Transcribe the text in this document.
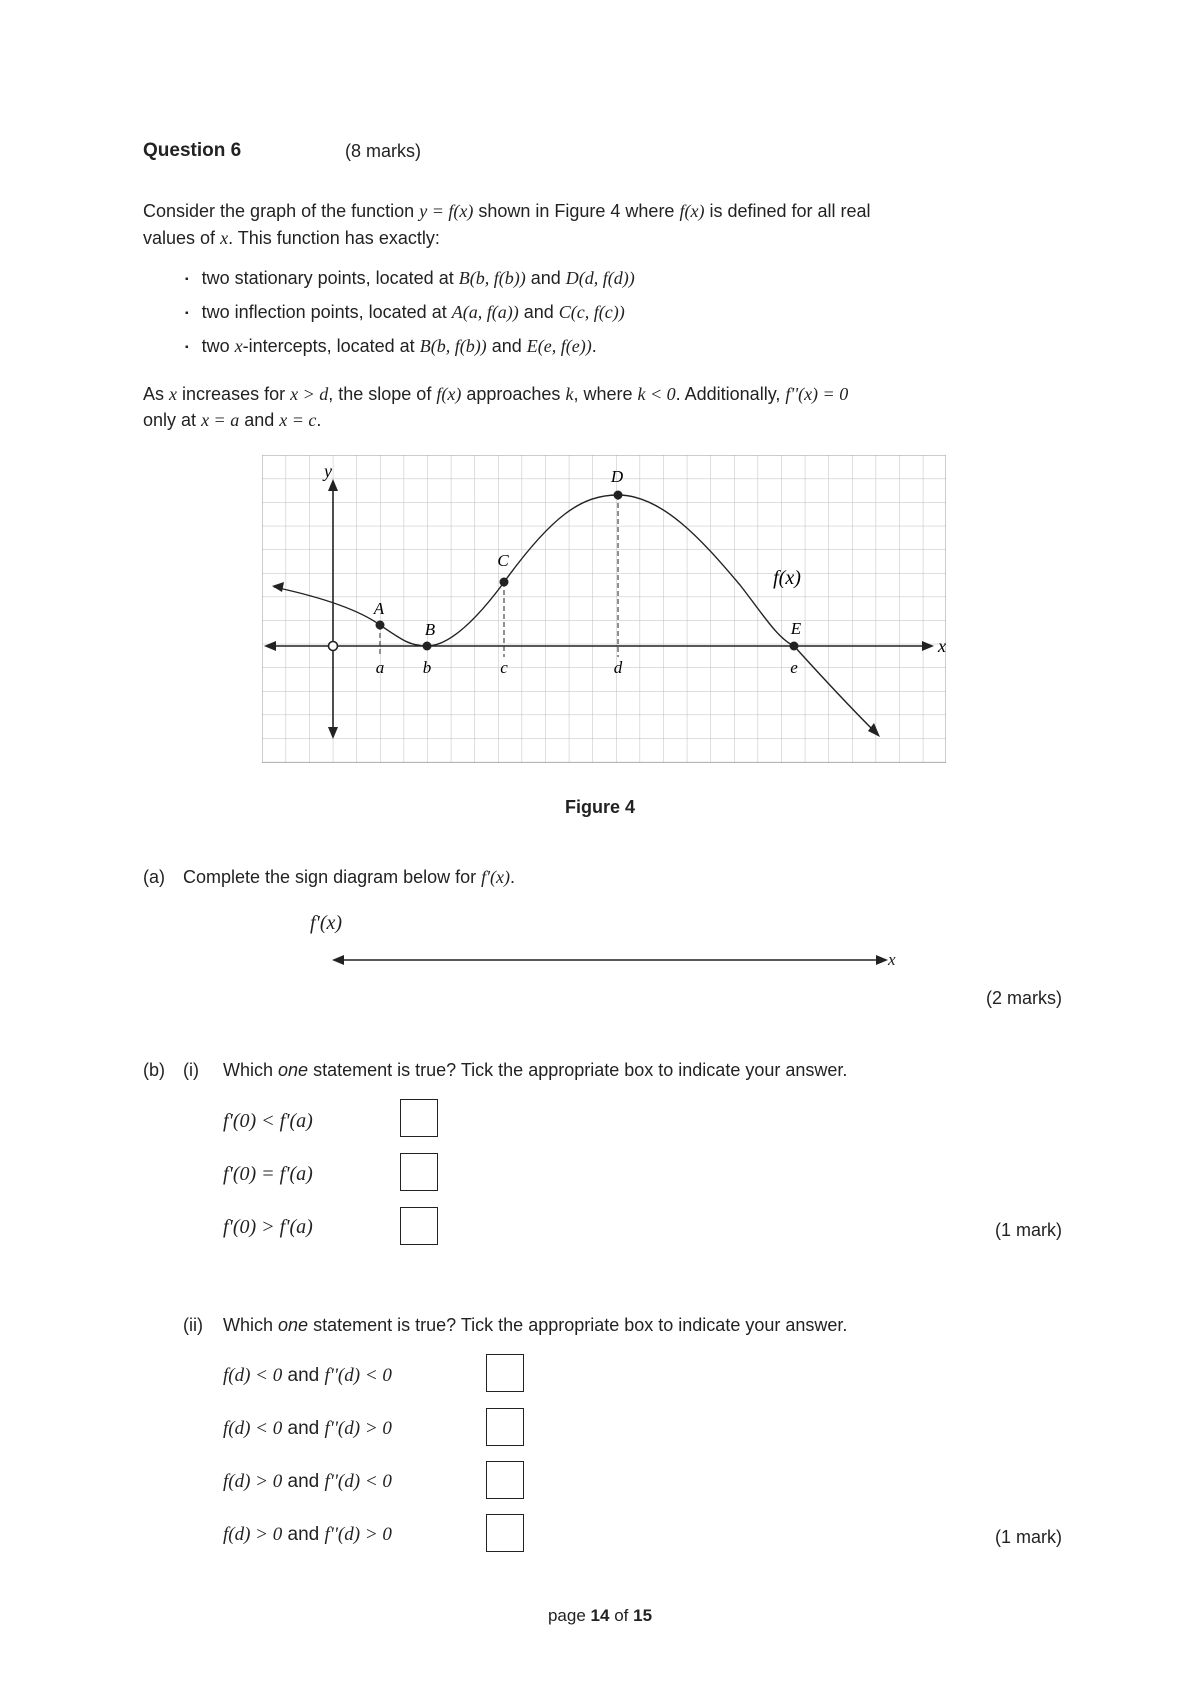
Question 6	(8 marks)
Consider the graph of the function y = f(x) shown in Figure 4 where f(x) is defined for all real
values of x. This function has exactly:
▪ two stationary points, located at B(b, f(b)) and D(d, f(d))
▪ two inflection points, located at A(a, f(a)) and C(c, f(c))
▪ two x-intercepts, located at B(b, f(b)) and E(e, f(e)).
As x increases for x > d, the slope of f(x) approaches k, where k < 0. Additionally, f''(x) = 0
only at x = a and x = c.
y
x
A
B
C
D
E
a b	c	d	e
f(x)
Figure 4
(a) Complete the sign diagram below for f'(x).
f'(x)
x
(2 marks)
(b) (i) Which one statement is true? Tick the appropriate box to indicate your answer.
f'(0) < f'(a)
f'(0) = f'(a)
f'(0) > f'(a)	(1 mark)
(ii) Which one statement is true? Tick the appropriate box to indicate your answer.
f(d) < 0 and f''(d) < 0
f(d) < 0 and f''(d) > 0
f(d) > 0 and f''(d) < 0
f(d) > 0 and f''(d) > 0	(1 mark)
page 14 of 15
